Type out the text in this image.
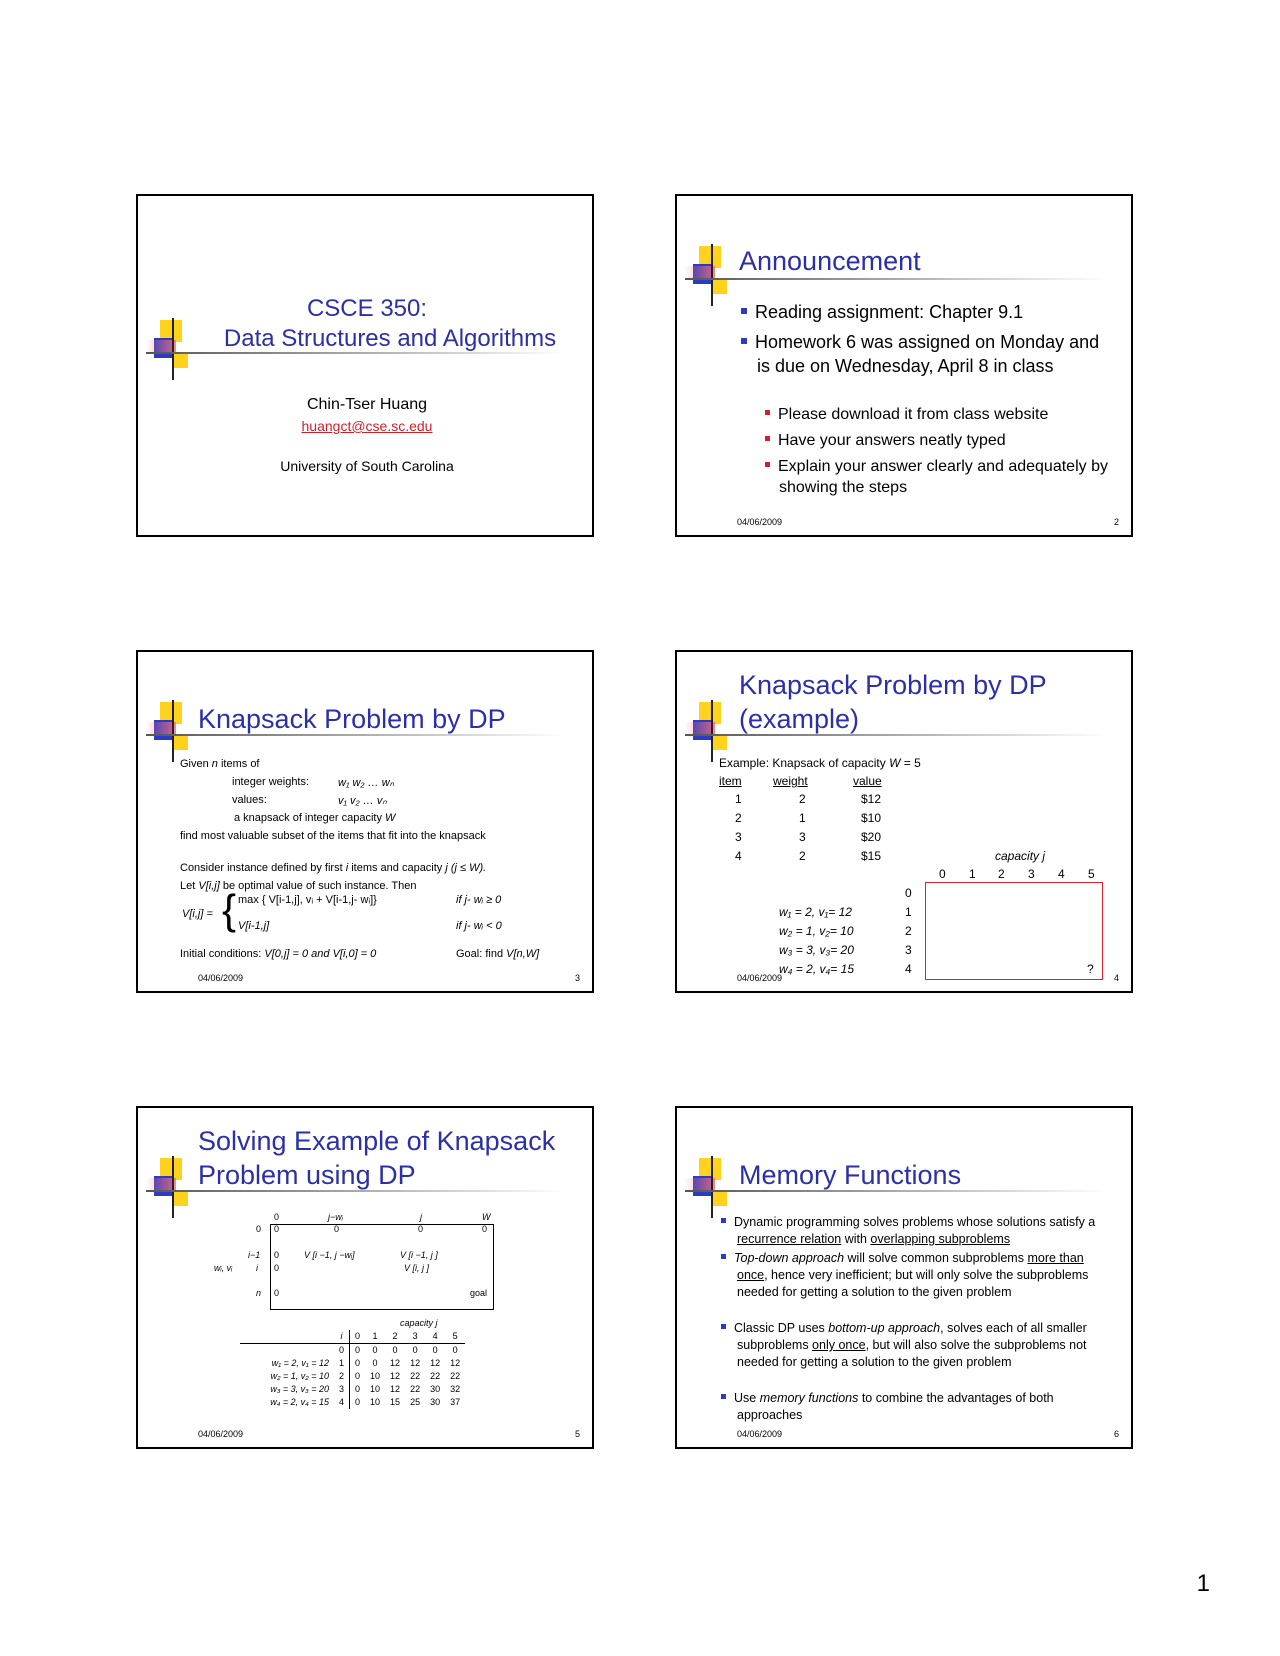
CSCE 350:
Data Structures and Algorithms
Chin-Tser Huang
huangct@cse.sc.edu
University of South Carolina
Announcement
Reading assignment: Chapter 9.1
Homework 6 was assigned on Monday and is due on Wednesday, April 8 in class
Please download it from class website
Have your answers neatly typed
Explain your answer clearly and adequately by showing the steps
04/06/2009	2
Knapsack Problem by DP
Given n items of
integer weights:	w₁ w₂ … wₙ
values:	v₁ v₂ … vₙ
a knapsack of integer capacity W
find most valuable subset of the items that fit into the knapsack
Consider instance defined by first i items and capacity j (j ≤ W).
Let V[i,j] be optimal value of such instance. Then
V[i,j] = { max { V[i-1,j], vᵢ + V[i-1,j- wᵢ]}	if j- wᵢ ≥ 0
V[i-1,j]	if j- wᵢ < 0
Initial conditions: V[0,j] = 0 and V[i,0] = 0	Goal: find V[n,W]
04/06/2009	3
Knapsack Problem by DP
(example)
Example: Knapsack of capacity W = 5
item	weight	value
1	2	$12
2	1	$10
3	3	$20
4	2	$15	capacity j
0 1 2 3 4 5
0
1
2
3
4
w₁ = 2, v₁= 12
w₂ = 1, v₂= 10
w₃ = 3, v₃= 20
w₄ = 2, v₄= 15	?
04/06/2009	4
Solving Example of Knapsack
Problem using DP
0	j−wᵢ	j	W
0 0	0	0	0
i−1 0	V [i −1, j −wᵢ]	V [i −1, j ]
wᵢ, vᵢ	i 0	V [i, j ]
n 0	goal
capacity j
	i	0	1	2	3	4	5
	0	0	0	0	0	0	0
w₁ = 2, v₁ = 12	1	0	0	12	12	12	12
w₂ = 1, v₂ = 10	2	0	10	12	22	22	22
w₃ = 3, v₃ = 20	3	0	10	12	22	30	32
w₄ = 2, v₄ = 15	4	0	10	15	25	30	37
04/06/2009	5
Memory Functions
Dynamic programming solves problems whose solutions satisfy a recurrence relation with overlapping subproblems
Top-down approach will solve common subproblems more than once, hence very inefficient; but will only solve the subproblems needed for getting a solution to the given problem
Classic DP uses bottom-up approach, solves each of all smaller subproblems only once, but will also solve the subproblems not needed for getting a solution to the given problem
Use memory functions to combine the advantages of both approaches
04/06/2009	6
1
